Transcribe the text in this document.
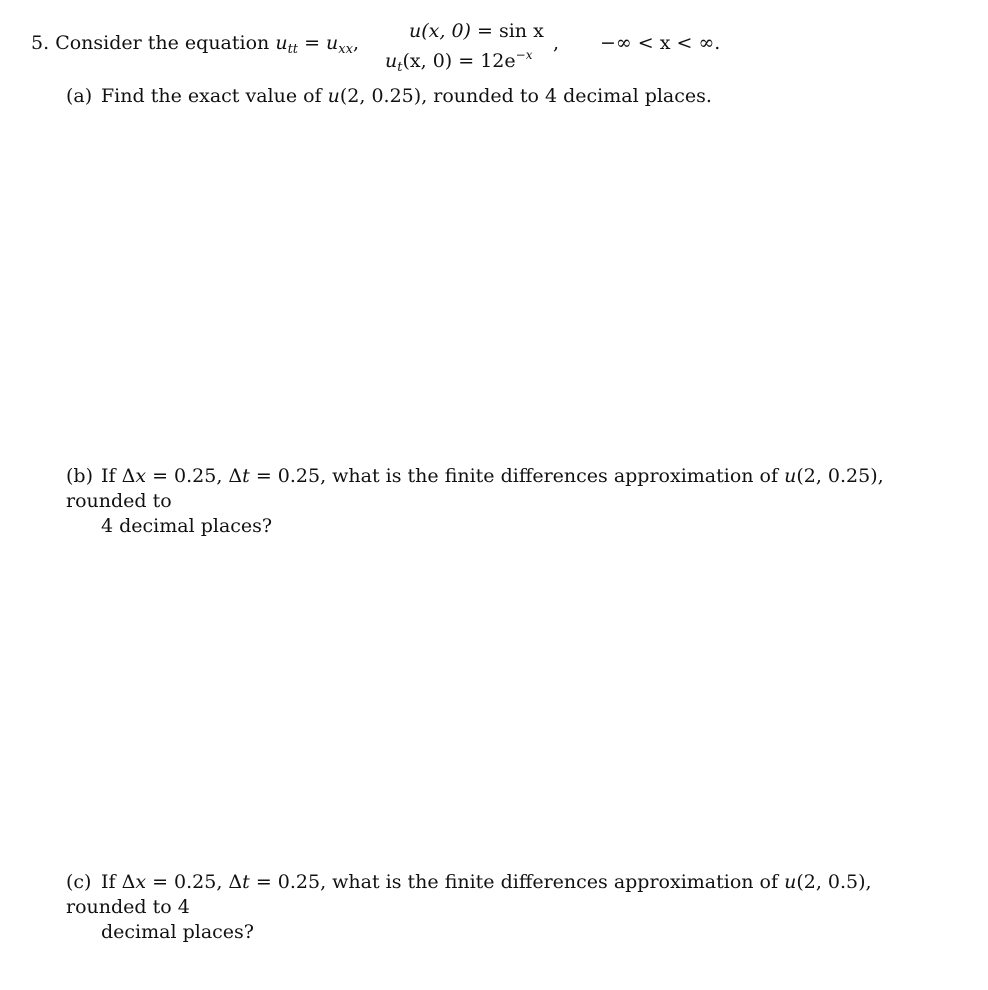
5. Consider the equation $u_{tt} = u_{xx}$,
u(x, 0) = sin x
$u_t(x$, $0) = 12e^{-x}$
, −∞ < x < ∞.
(a) Find the exact value of u(2, 0.25), rounded to 4 decimal places.
(b) If Δx = 0.25, Δt = 0.25, what is the finite differences approximation of u(2, 0.25), rounded to
4 decimal places?
(c) If Δx = 0.25, Δt = 0.25, what is the finite differences approximation of u(2, 0.5), rounded to 4
decimal places?
